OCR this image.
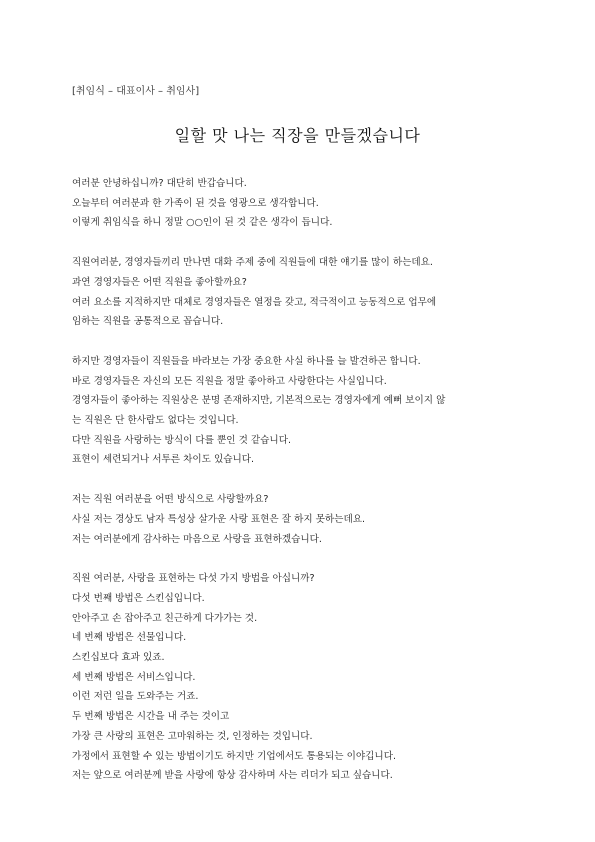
[취임식 – 대표이사 – 취임사]
일할 맛 나는 직장을 만들겠습니다
여러분 안녕하십니까? 대단히 반갑습니다.
오늘부터 여러분과 한 가족이 된 것을 영광으로 생각합니다.
이렇게 취임식을 하니 정말 ○○인이 된 것 같은 생각이 듭니다.
직원여러분, 경영자들끼리 만나면 대화 주제 중에 직원들에 대한 얘기를 많이 하는데요.
과연 경영자들은 어떤 직원을 좋아할까요?
여러 요소를 지적하지만 대체로 경영자들은 열정을 갖고, 적극적이고 능동적으로 업무에
임하는 직원을 공통적으로 꼽습니다.
하지만 경영자들이 직원들을 바라보는 가장 중요한 사실 하나를 늘 발견하곤 합니다.
바로 경영자들은 자신의 모든 직원을 정말 좋아하고 사랑한다는 사실입니다.
경영자들이 좋아하는 직원상은 분명 존재하지만, 기본적으로는 경영자에게 예뻐 보이지 않
는 직원은 단 한사람도 없다는 것입니다.
다만 직원을 사랑하는 방식이 다를 뿐인 것 같습니다.
표현이 세련되거나 서투른 차이도 있습니다.
저는 직원 여러분을 어떤 방식으로 사랑할까요?
사실 저는 경상도 남자 특성상 살가운 사랑 표현은 잘 하지 못하는데요.
저는 여러분에게 감사하는 마음으로 사랑을 표현하겠습니다.
직원 여러분, 사랑을 표현하는 다섯 가지 방법을 아십니까?
다섯 번째 방법은 스킨십입니다.
안아주고 손 잡아주고 친근하게 다가가는 것.
네 번째 방법은 선물입니다.
스킨십보다 효과 있죠.
세 번째 방법은 서비스입니다.
이런 저런 일을 도와주는 거죠.
두 번째 방법은 시간을 내 주는 것이고
가장 큰 사랑의 표현은 고마워하는 것, 인정하는 것입니다.
가정에서 표현할 수 있는 방법이기도 하지만 기업에서도 통용되는 이야깁니다.
저는 앞으로 여러분께 받을 사랑에 항상 감사하며 사는 리더가 되고 싶습니다.
